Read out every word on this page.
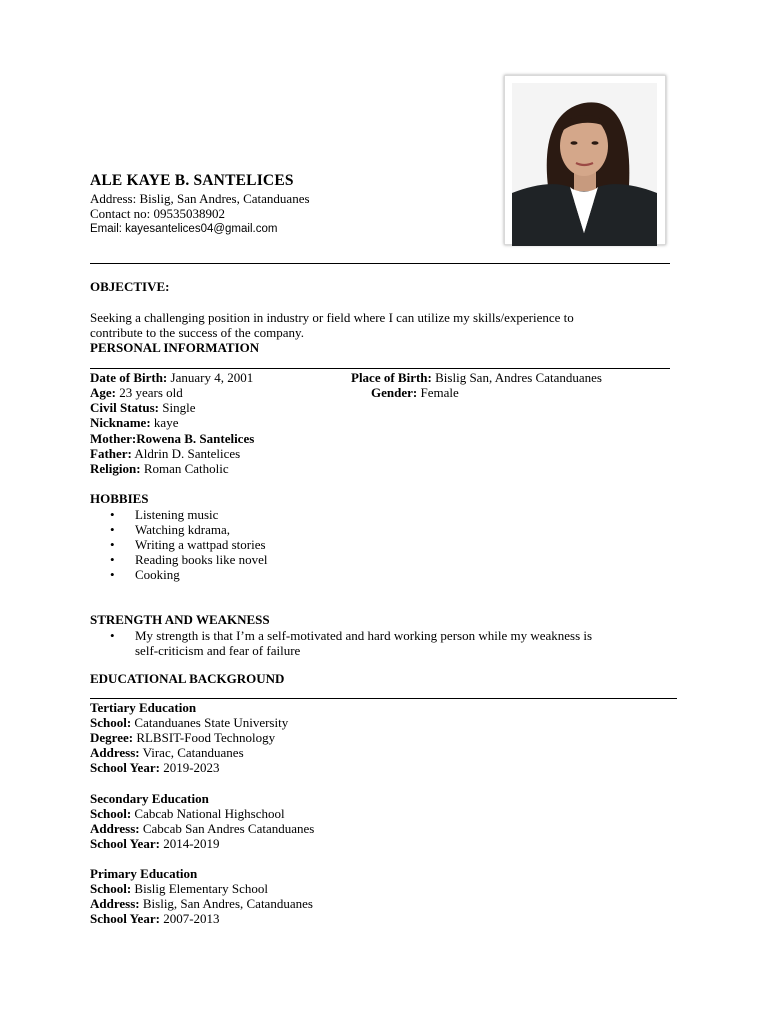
ALE KAYE B. SANTELICES
Address: Bislig, San Andres, Catanduanes
Contact no: 09535038902
Email: kayesantelices04@gmail.com
OBJECTIVE:
Seeking a challenging position in industry or field where I can utilize my skills/experience to
contribute to the success of the company.
PERSONAL INFORMATION
Date of Birth: January 4, 2001	Place of Birth: Bislig San, Andres Catanduanes
Age: 23 years old	Gender: Female
Civil Status: Single
Nickname: kaye
Mother:Rowena B. Santelices
Father: Aldrin D. Santelices
Religion: Roman Catholic
HOBBIES
• Listening music
• Watching kdrama,
• Writing a wattpad stories
• Reading books like novel
• Cooking
STRENGTH AND WEAKNESS
• My strength is that I’m a self-motivated and hard working person while my weakness is
self-criticism and fear of failure
EDUCATIONAL BACKGROUND
Tertiary Education
School: Catanduanes State University
Degree: RLBSIT-Food Technology
Address: Virac, Catanduanes
School Year: 2019-2023
Secondary Education
School: Cabcab National Highschool
Address: Cabcab San Andres Catanduanes
School Year: 2014-2019
Primary Education
School: Bislig Elementary School
Address: Bislig, San Andres, Catanduanes
School Year: 2007-2013
